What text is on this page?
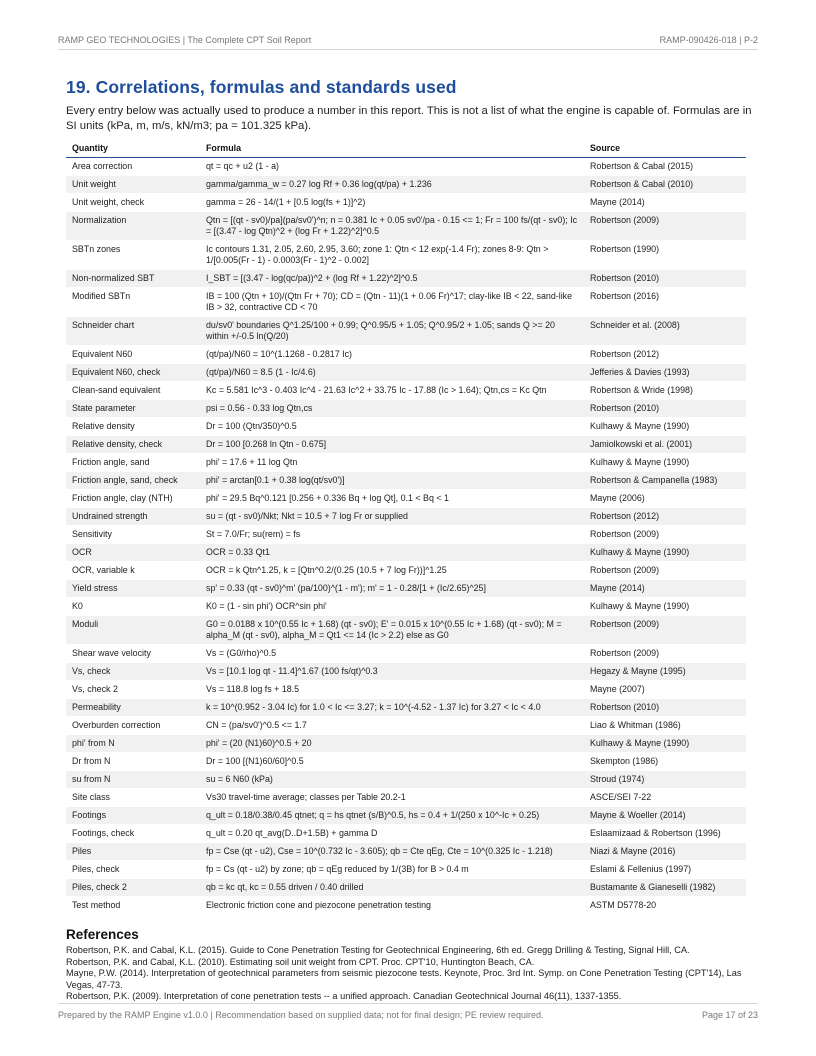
RAMP GEO TECHNOLOGIES | The Complete CPT Soil Report	RAMP-090426-018 | P-2
19. Correlations, formulas and standards used

Every entry below was actually used to produce a number in this report. This is not a list of what the engine is capable of. Formulas are in SI units (kPa, m, m/s, kN/m3; pa = 101.325 kPa).

Quantity	Formula	Source
Area correction	qt = qc + u2 (1 - a)	Robertson & Cabal (2015)
Unit weight	gamma/gamma_w = 0.27 log Rf + 0.36 log(qt/pa) + 1.236	Robertson & Cabal (2010)
Unit weight, check	gamma = 26 - 14/(1 + [0.5 log(fs + 1)]^2)	Mayne (2014)
Normalization	Qtn = [(qt - sv0)/pa](pa/sv0')^n; n = 0.381 Ic + 0.05 sv0'/pa - 0.15 <= 1; Fr = 100 fs/(qt - sv0); Ic = [(3.47 - log Qtn)^2 + (log Fr + 1.22)^2]^0.5	Robertson (2009)
SBTn zones	Ic contours 1.31, 2.05, 2.60, 2.95, 3.60; zone 1: Qtn < 12 exp(-1.4 Fr); zones 8-9: Qtn > 1/[0.005(Fr - 1) - 0.0003(Fr - 1)^2 - 0.002]	Robertson (1990)
Non-normalized SBT	I_SBT = [(3.47 - log(qc/pa))^2 + (log Rf + 1.22)^2]^0.5	Robertson (2010)
Modified SBTn	IB = 100 (Qtn + 10)/(Qtn Fr + 70); CD = (Qtn - 11)(1 + 0.06 Fr)^17; clay-like IB < 22, sand-like IB > 32, contractive CD < 70	Robertson (2016)
Schneider chart	du/sv0' boundaries Q^1.25/100 + 0.99; Q^0.95/5 + 1.05; Q^0.95/2 + 1.05; sands Q >= 20 within +/-0.5 ln(Q/20)	Schneider et al. (2008)
Equivalent N60	(qt/pa)/N60 = 10^(1.1268 - 0.2817 Ic)	Robertson (2012)
Equivalent N60, check	(qt/pa)/N60 = 8.5 (1 - Ic/4.6)	Jefferies & Davies (1993)
Clean-sand equivalent	Kc = 5.581 Ic^3 - 0.403 Ic^4 - 21.63 Ic^2 + 33.75 Ic - 17.88 (Ic > 1.64); Qtn,cs = Kc Qtn	Robertson & Wride (1998)
State parameter	psi = 0.56 - 0.33 log Qtn,cs	Robertson (2010)
Relative density	Dr = 100 (Qtn/350)^0.5	Kulhawy & Mayne (1990)
Relative density, check	Dr = 100 [0.268 ln Qtn - 0.675]	Jamiolkowski et al. (2001)
Friction angle, sand	phi' = 17.6 + 11 log Qtn	Kulhawy & Mayne (1990)
Friction angle, sand, check	phi' = arctan[0.1 + 0.38 log(qt/sv0')]	Robertson & Campanella (1983)
Friction angle, clay (NTH)	phi' = 29.5 Bq^0.121 [0.256 + 0.336 Bq + log Qt], 0.1 < Bq < 1	Mayne (2006)
Undrained strength	su = (qt - sv0)/Nkt; Nkt = 10.5 + 7 log Fr or supplied	Robertson (2012)
Sensitivity	St = 7.0/Fr; su(rem) = fs	Robertson (2009)
OCR	OCR = 0.33 Qt1	Kulhawy & Mayne (1990)
OCR, variable k	OCR = k Qtn^1.25, k = [Qtn^0.2/(0.25 (10.5 + 7 log Fr))]^1.25	Robertson (2009)
Yield stress	sp' = 0.33 (qt - sv0)^m' (pa/100)^(1 - m'); m' = 1 - 0.28/[1 + (Ic/2.65)^25]	Mayne (2014)
K0	K0 = (1 - sin phi') OCR^sin phi'	Kulhawy & Mayne (1990)
Moduli	G0 = 0.0188 x 10^(0.55 Ic + 1.68) (qt - sv0); E' = 0.015 x 10^(0.55 Ic + 1.68) (qt - sv0); M = alpha_M (qt - sv0), alpha_M = Qt1 <= 14 (Ic > 2.2) else as G0	Robertson (2009)
Shear wave velocity	Vs = (G0/rho)^0.5	Robertson (2009)
Vs, check	Vs = [10.1 log qt - 11.4]^1.67 (100 fs/qt)^0.3	Hegazy & Mayne (1995)
Vs, check 2	Vs = 118.8 log fs + 18.5	Mayne (2007)
Permeability	k = 10^(0.952 - 3.04 Ic) for 1.0 < Ic <= 3.27; k = 10^(-4.52 - 1.37 Ic) for 3.27 < Ic < 4.0	Robertson (2010)
Overburden correction	CN = (pa/sv0')^0.5 <= 1.7	Liao & Whitman (1986)
phi' from N	phi' = (20 (N1)60)^0.5 + 20	Kulhawy & Mayne (1990)
Dr from N	Dr = 100 [(N1)60/60]^0.5	Skempton (1986)
su from N	su = 6 N60 (kPa)	Stroud (1974)
Site class	Vs30 travel-time average; classes per Table 20.2-1	ASCE/SEI 7-22
Footings	q_ult = 0.18/0.38/0.45 qtnet; q = hs qtnet (s/B)^0.5, hs = 0.4 + 1/(250 x 10^-Ic + 0.25)	Mayne & Woeller (2014)
Footings, check	q_ult = 0.20 qt_avg(D..D+1.5B) + gamma D	Eslaamizaad & Robertson (1996)
Piles	fp = Cse (qt - u2), Cse = 10^(0.732 Ic - 3.605); qb = Cte qEg, Cte = 10^(0.325 Ic - 1.218)	Niazi & Mayne (2016)
Piles, check	fp = Cs (qt - u2) by zone; qb = qEg reduced by 1/(3B) for B > 0.4 m	Eslami & Fellenius (1997)
Piles, check 2	qb = kc qt, kc = 0.55 driven / 0.40 drilled	Bustamante & Gianeselli (1982)
Test method	Electronic friction cone and piezocone penetration testing	ASTM D5778-20
References

Robertson, P.K. and Cabal, K.L. (2015). Guide to Cone Penetration Testing for Geotechnical Engineering, 6th ed. Gregg Drilling & Testing, Signal Hill, CA.

Robertson, P.K. and Cabal, K.L. (2010). Estimating soil unit weight from CPT. Proc. CPT'10, Huntington Beach, CA.

Mayne, P.W. (2014). Interpretation of geotechnical parameters from seismic piezocone tests. Keynote, Proc. 3rd Int. Symp. on Cone Penetration Testing (CPT'14), Las Vegas, 47-73.

Robertson, P.K. (2009). Interpretation of cone penetration tests -- a unified approach. Canadian Geotechnical Journal 46(11), 1337-1355.

Prepared by the RAMP Engine v1.0.0 | Recommendation based on supplied data; not for final design; PE review required.	Page 17 of 23
